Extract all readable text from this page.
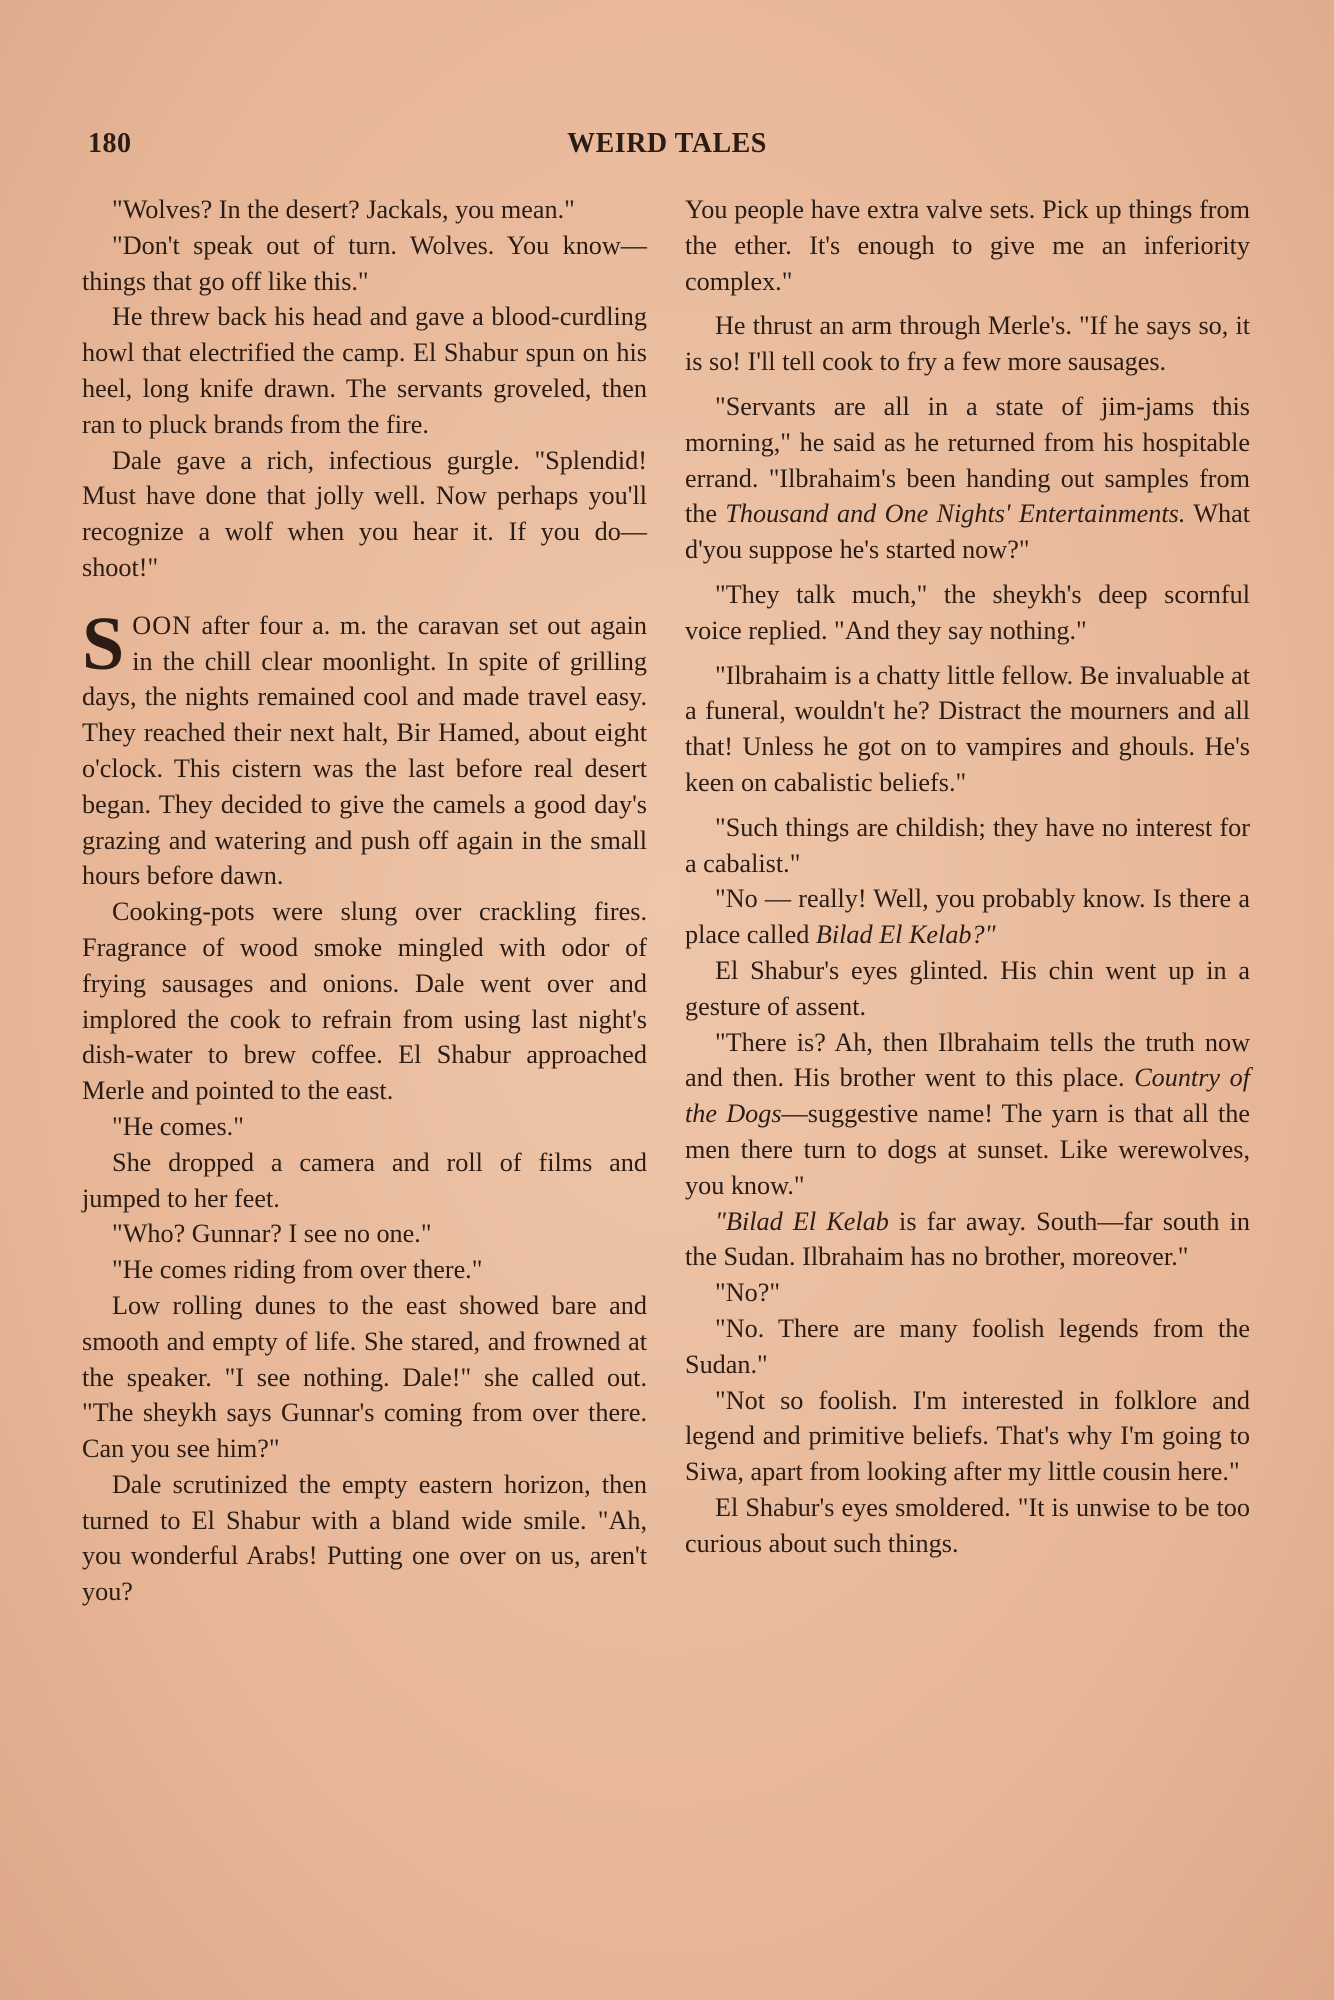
180	WEIRD TALES

"Wolves? In the desert? Jackals, you mean."

"Don't speak out of turn. Wolves. You know—things that go off like this."

He threw back his head and gave a blood-curdling howl that electrified the camp. El Shabur spun on his heel, long knife drawn. The servants groveled, then ran to pluck brands from the fire.

Dale gave a rich, infectious gurgle. "Splendid! Must have done that jolly well. Now perhaps you'll recognize a wolf when you hear it. If you do—shoot!"

SOON after four a. m. the caravan set out again in the chill clear moonlight. In spite of grilling days, the nights remained cool and made travel easy. They reached their next halt, Bir Hamed, about eight o'clock. This cistern was the last before real desert began. They decided to give the camels a good day's grazing and watering and push off again in the small hours before dawn.

Cooking-pots were slung over crackling fires. Fragrance of wood smoke mingled with odor of frying sausages and onions. Dale went over and implored the cook to refrain from using last night's dish-water to brew coffee. El Shabur approached Merle and pointed to the east.

"He comes."

She dropped a camera and roll of films and jumped to her feet.

"Who? Gunnar? I see no one."

"He comes riding from over there."

Low rolling dunes to the east showed bare and smooth and empty of life. She stared, and frowned at the speaker. "I see nothing. Dale!" she called out. "The sheykh says Gunnar's coming from over there. Can you see him?"

Dale scrutinized the empty eastern horizon, then turned to El Shabur with a bland wide smile. "Ah, you wonderful Arabs! Putting one over on us, aren't you?

You people have extra valve sets. Pick up things from the ether. It's enough to give me an inferiority complex."

He thrust an arm through Merle's. "If he says so, it is so! I'll tell cook to fry a few more sausages.

"Servants are all in a state of jim-jams this morning," he said as he returned from his hospitable errand. "Ilbrahaim's been handing out samples from the Thousand and One Nights' Entertainments. What d'you suppose he's started now?"

"They talk much," the sheykh's deep scornful voice replied. "And they say nothing."

"Ilbrahaim is a chatty little fellow. Be invaluable at a funeral, wouldn't he? Distract the mourners and all that! Unless he got on to vampires and ghouls. He's keen on cabalistic beliefs."

"Such things are childish; they have no interest for a cabalist."

"No — really! Well, you probably know. Is there a place called Bilad El Kelab?"

El Shabur's eyes glinted. His chin went up in a gesture of assent.

"There is? Ah, then Ilbrahaim tells the truth now and then. His brother went to this place. Country of the Dogs—suggestive name! The yarn is that all the men there turn to dogs at sunset. Like werewolves, you know."

"Bilad El Kelab is far away. South—far south in the Sudan. Ilbrahaim has no brother, moreover."

"No?"

"No. There are many foolish legends from the Sudan."

"Not so foolish. I'm interested in folklore and legend and primitive beliefs. That's why I'm going to Siwa, apart from looking after my little cousin here."

El Shabur's eyes smoldered. "It is unwise to be too curious about such things.
